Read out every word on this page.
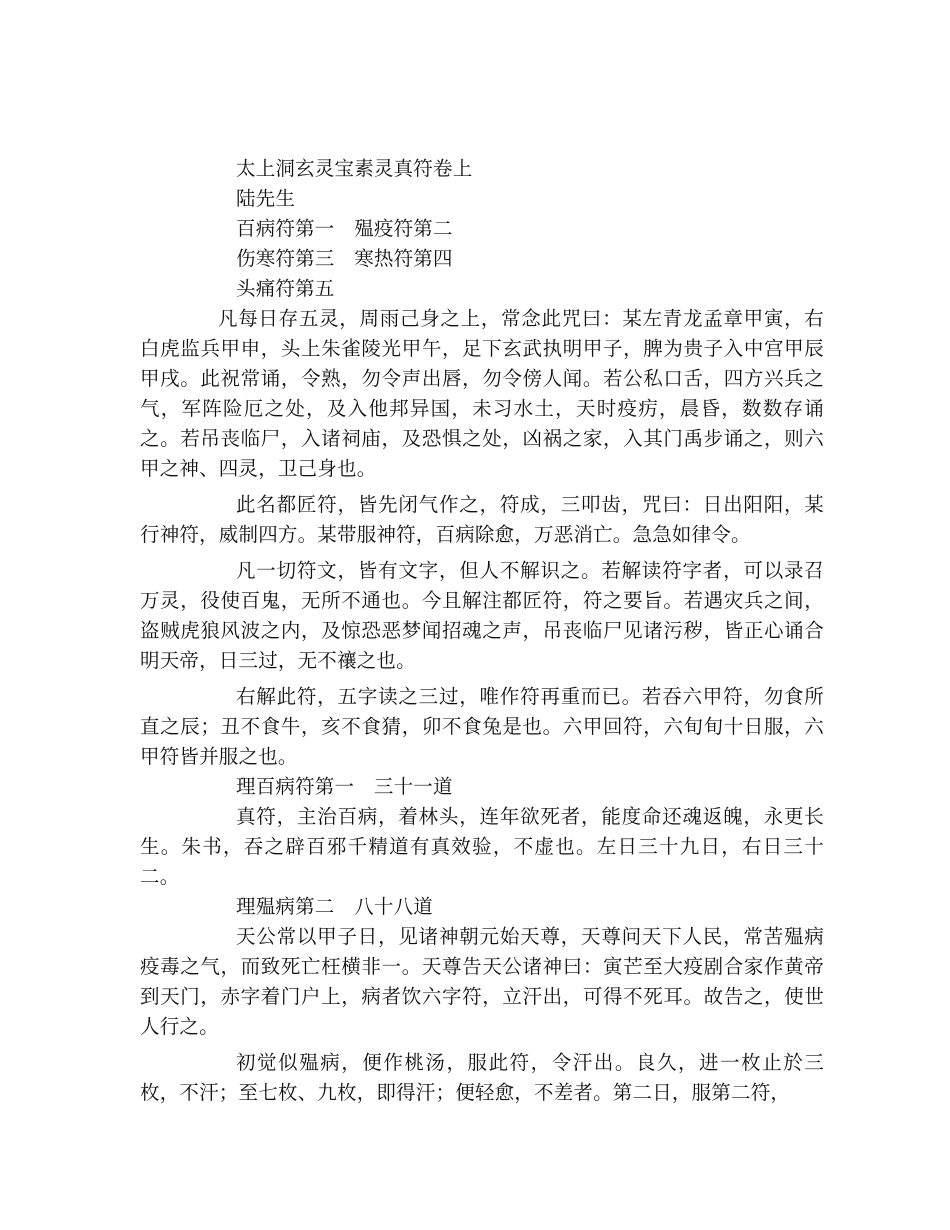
太上洞玄灵宝素灵真符卷上
陆先生
百病符第一　殟疫符第二
伤寒符第三　寒热符第四
头痛符第五

凡每日存五灵，周雨己身之上，常念此咒曰：某左青龙孟章甲寅，右白虎监兵甲申，头上朱雀陵光甲午，足下玄武执明甲子，脾为贵子入中宫甲辰甲戌。此祝常诵，令熟，勿令声出唇，勿令傍人闻。若公私口舌，四方兴兵之气，军阵险厄之处，及入他邦异国，未习水土，天时疫疠，晨昏，数数存诵之。若吊丧临尸，入诸祠庙，及恐惧之处，凶祸之家，入其门禹步诵之，则六甲之神、四灵，卫己身也。

此名都匠符，皆先闭气作之，符成，三叩齿，咒曰：日出阳阳，某行神符，威制四方。某带服神符，百病除愈，万恶消亡。急急如律令。

凡一切符文，皆有文字，但人不解识之。若解读符字者，可以录召万灵，役使百鬼，无所不通也。今且解注都匠符，符之要旨。若遇灾兵之间，盗贼虎狼风波之内，及惊恐恶梦闻招魂之声，吊丧临尸见诸污秽，皆正心诵合明天帝，日三过，无不禳之也。

右解此符，五字读之三过，唯作符再重而已。若吞六甲符，勿食所直之辰；丑不食牛，亥不食猜，卯不食兔是也。六甲回符，六旬旬十日服，六甲符皆并服之也。

理百病符第一　三十一道

真符，主治百病，着林头，连年欲死者，能度命还魂返魄，永更长生。朱书，吞之辟百邪千精道有真效验，不虚也。左日三十九日，右日三十二。

理殟病第二　八十八道

天公常以甲子日，见诸神朝元始天尊，天尊问天下人民，常苦殟病疫毒之气，而致死亡枉横非一。天尊告天公诸神曰：寅芒至大疫剧合家作黄帝到天门，赤字着门户上，病者饮六字符，立汗出，可得不死耳。故告之，使世人行之。

初觉似殟病，便作桃汤，服此符，令汗出。良久，进一枚止於三枚，不汗；至七枚、九枚，即得汗；便轻愈，不差者。第二日，服第二符，
